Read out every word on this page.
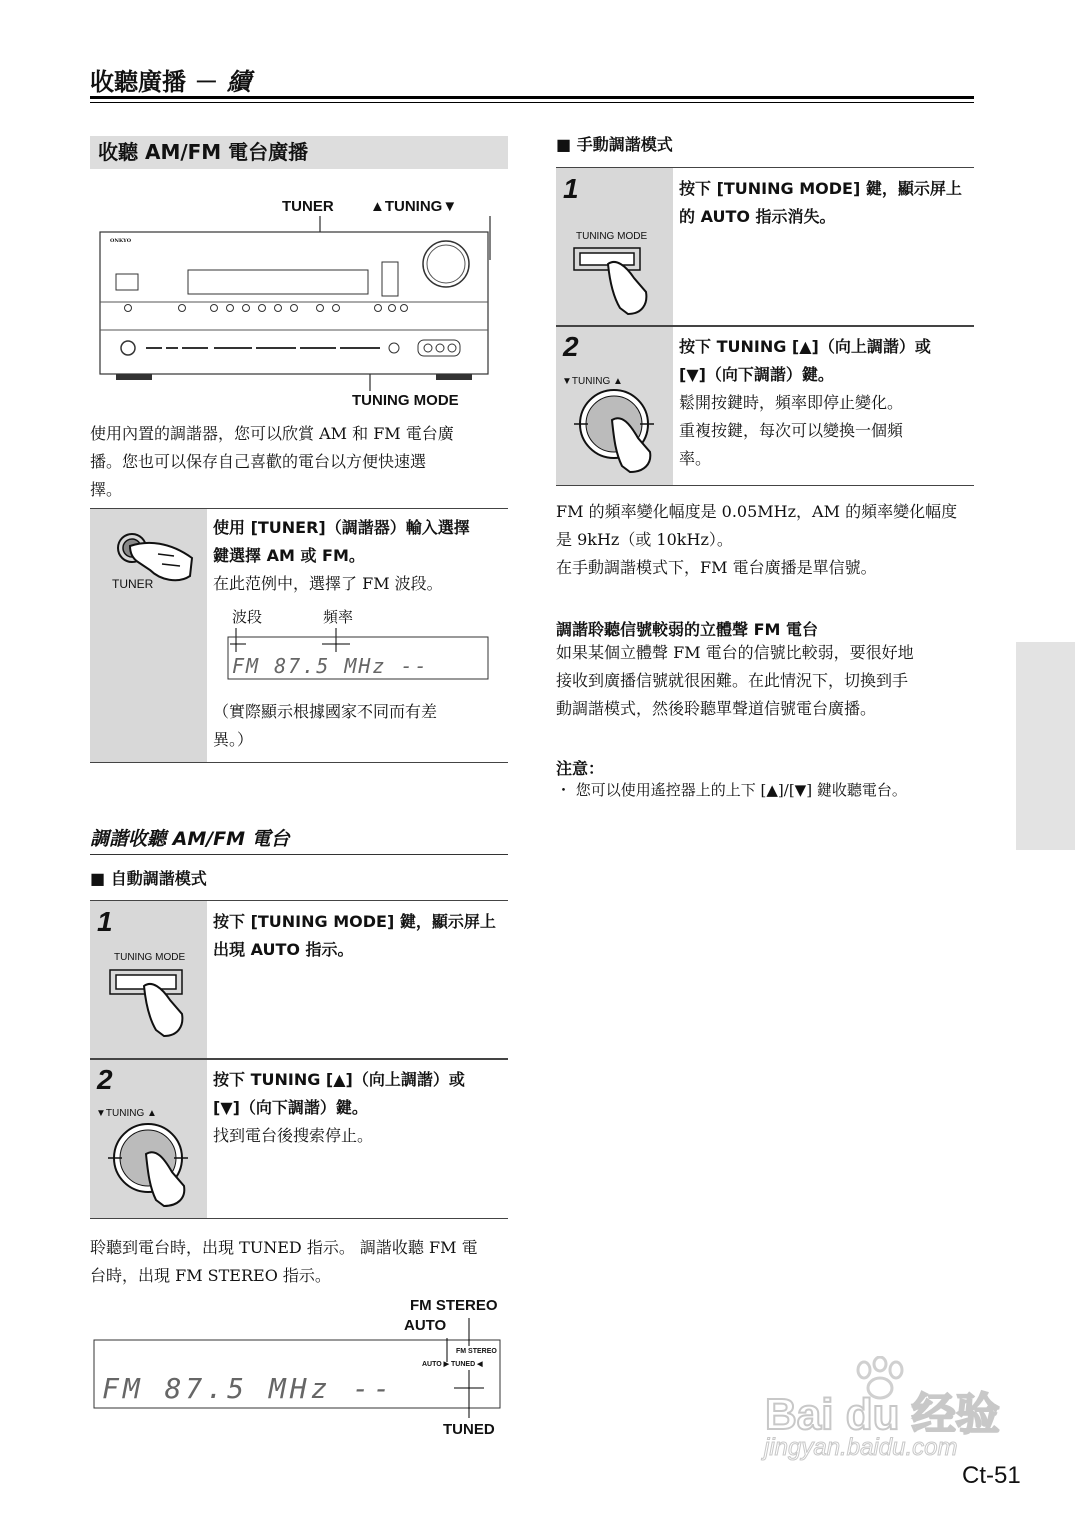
收聽廣播 － 續
收聽 AM/FM 電台廣播
TUNER ▲TUNING▼
TUNING MODE
ONKYO
使用內置的調諧器，您可以欣賞 AM 和 FM 電台廣
播。您也可以保存自己喜歡的電台以方便快速選
擇。
TUNER
使用 [TUNER]（調諧器）輸入選擇
鍵選擇 AM 或 FM。
在此范例中，選擇了 FM 波段。
波段	頻率
FM 87.5 MHz --
（實際顯示根據國家不同而有差
異。）
調諧收聽 AM/FM 電台
■ 自動調諧模式
1
TUNING MODE
按下 [TUNING MODE] 鍵，顯示屏上
出現 AUTO 指示。
2
▼TUNING ▲
按下 TUNING [▲]（向上調諧）或
[▼]（向下調諧）鍵。
找到電台後搜索停止。
聆聽到電台時，出現 TUNED 指示。 調諧收聽 FM 電
台時，出現 FM STEREO 指示。
FM STEREO
AUTO
FM STEREO
AUTO ▶ TUNED ◀
FM 87.5 MHz --
TUNED
■ 手動調諧模式
1
TUNING MODE
按下 [TUNING MODE] 鍵，顯示屏上
的 AUTO 指示消失。
2
▼TUNING ▲
按下 TUNING [▲]（向上調諧）或
[▼]（向下調諧）鍵。
鬆開按鍵時，頻率即停止變化。
重複按鍵，每次可以變換一個頻
率。
FM 的頻率變化幅度是 0.05MHz，AM 的頻率變化幅度
是 9kHz（或 10kHz）。
在手動調諧模式下，FM 電台廣播是單信號。
調諧聆聽信號較弱的立體聲 FM 電台
如果某個立體聲 FM 電台的信號比較弱，要很好地
接收到廣播信號就很困難。在此情況下，切換到手
動調諧模式，然後聆聽單聲道信號電台廣播。
注意：
・ 您可以使用遙控器上的上下 [▲]/[▼] 鍵收聽電台。
Bai du 经验
jingyan.baidu.com
Ct-51
